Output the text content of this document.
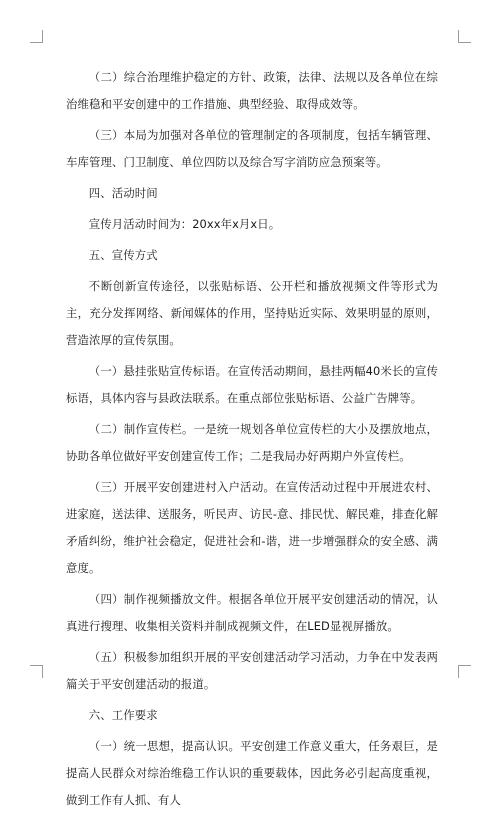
（二）综合治理维护稳定的方针、政策，法律、法规以及各单位在综治维稳和平安创建中的工作措施、典型经验、取得成效等。

（三）本局为加强对各单位的管理制定的各项制度，包括车辆管理、车库管理、门卫制度、单位四防以及综合写字消防应急预案等。

四、活动时间

宣传月活动时间为：20xx年x月x日。

五、宣传方式

不断创新宣传途径，以张贴标语、公开栏和播放视频文件等形式为主，充分发挥网络、新闻媒体的作用，坚持贴近实际、效果明显的原则，营造浓厚的宣传氛围。

（一）悬挂张贴宣传标语。在宣传活动期间，悬挂两幅40米长的宣传标语，具体内容与县政法联系。在重点部位张贴标语、公益广告牌等。

（二）制作宣传栏。一是统一规划各单位宣传栏的大小及摆放地点，协助各单位做好平安创建宣传工作；二是我局办好两期户外宣传栏。

（三）开展平安创建进村入户活动。在宣传活动过程中开展进农村、进家庭，送法律、送服务，听民声、访民-意、排民忧、解民难，排查化解矛盾纠纷，维护社会稳定，促进社会和-谐，进一步增强群众的安全感、满意度。

（四）制作视频播放文件。根据各单位开展平安创建活动的情况，认真进行搜理、收集相关资料并制成视频文件，在LED显视屏播放。

（五）积极参加组织开展的平安创建活动学习活动，力争在中发表两篇关于平安创建活动的报道。

六、工作要求

（一）统一思想，提高认识。平安创建工作意义重大，任务艰巨，是提高人民群众对综治维稳工作认识的重要载体，因此务必引起高度重视，做到工作有人抓、有人
